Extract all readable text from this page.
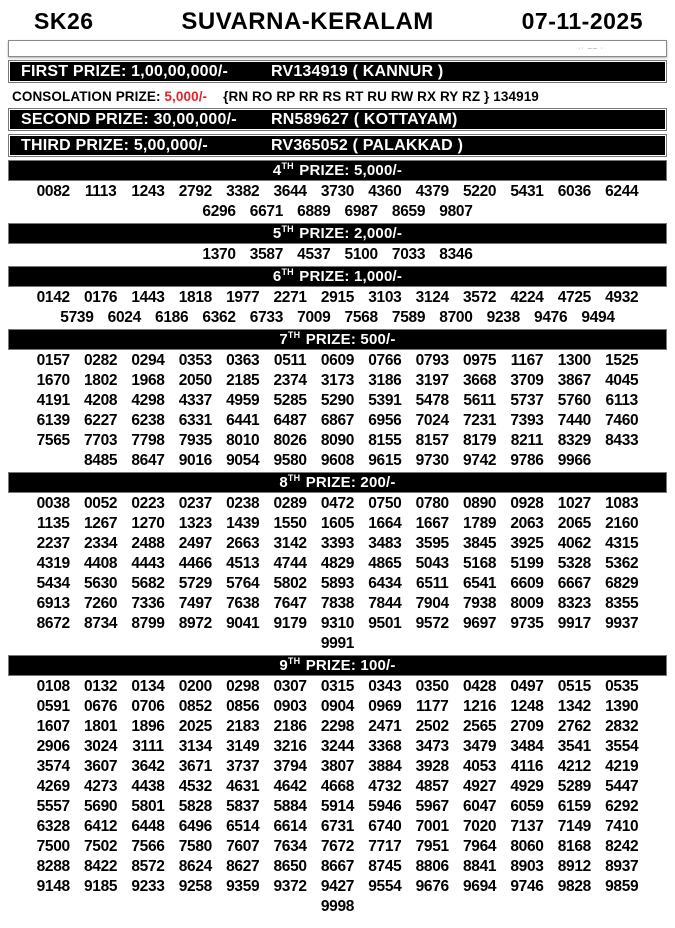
SK26	SUVARNA-KERALAM	07-11-2025
·· –– ·
FIRST PRIZE: 1,00,00,000/-	RV134919 ( KANNUR )
CONSOLATION PRIZE: 5,000/- {RN RO RP RR RS RT RU RW RX RY RZ } 134919
SECOND PRIZE: 30,00,000/- RN589627 ( KOTTAYAM)
THIRD PRIZE: 5,00,000/-	RV365052 ( PALAKKAD )
4TH PRIZE: 5,000/-
0082 1113 1243 2792 3382 3644 3730 4360 4379 5220 5431 6036 6244
6296 6671 6889 6987 8659 9807
5TH PRIZE: 2,000/-
1370 3587 4537 5100 7033 8346
6TH PRIZE: 1,000/-
0142 0176 1443 1818 1977 2271 2915 3103 3124 3572 4224 4725 4932
5739 6024 6186 6362 6733 7009 7568 7589 8700 9238 9476 9494
7TH PRIZE: 500/-
0157 0282 0294 0353 0363 0511 0609 0766 0793 0975 1167 1300 1525
1670 1802 1968 2050 2185 2374 3173 3186 3197 3668 3709 3867 4045
4191 4208 4298 4337 4959 5285 5290 5391 5478 5611 5737 5760 6113
6139 6227 6238 6331 6441 6487 6867 6956 7024 7231 7393 7440 7460
7565 7703 7798 7935 8010 8026 8090 8155 8157 8179 8211 8329 8433
8485 8647 9016 9054 9580 9608 9615 9730 9742 9786 9966
8TH PRIZE: 200/-
0038 0052 0223 0237 0238 0289 0472 0750 0780 0890 0928 1027 1083
1135 1267 1270 1323 1439 1550 1605 1664 1667 1789 2063 2065 2160
2237 2334 2488 2497 2663 3142 3393 3483 3595 3845 3925 4062 4315
4319 4408 4443 4466 4513 4744 4829 4865 5043 5168 5199 5328 5362
5434 5630 5682 5729 5764 5802 5893 6434 6511 6541 6609 6667 6829
6913 7260 7336 7497 7638 7647 7838 7844 7904 7938 8009 8323 8355
8672 8734 8799 8972 9041 9179 9310 9501 9572 9697 9735 9917 9937
9991
9TH PRIZE: 100/-
0108 0132 0134 0200 0298 0307 0315 0343 0350 0428 0497 0515 0535
0591 0676 0706 0852 0856 0903 0904 0969 1177 1216 1248 1342 1390
1607 1801 1896 2025 2183 2186 2298 2471 2502 2565 2709 2762 2832
2906 3024 3111 3134 3149 3216 3244 3368 3473 3479 3484 3541 3554
3574 3607 3642 3671 3737 3794 3807 3884 3928 4053 4116 4212 4219
4269 4273 4438 4532 4631 4642 4668 4732 4857 4927 4929 5289 5447
5557 5690 5801 5828 5837 5884 5914 5946 5967 6047 6059 6159 6292
6328 6412 6448 6496 6514 6614 6731 6740 7001 7020 7137 7149 7410
7500 7502 7566 7580 7607 7634 7672 7717 7951 7964 8060 8168 8242
8288 8422 8572 8624 8627 8650 8667 8745 8806 8841 8903 8912 8937
9148 9185 9233 9258 9359 9372 9427 9554 9676 9694 9746 9828 9859
9998
